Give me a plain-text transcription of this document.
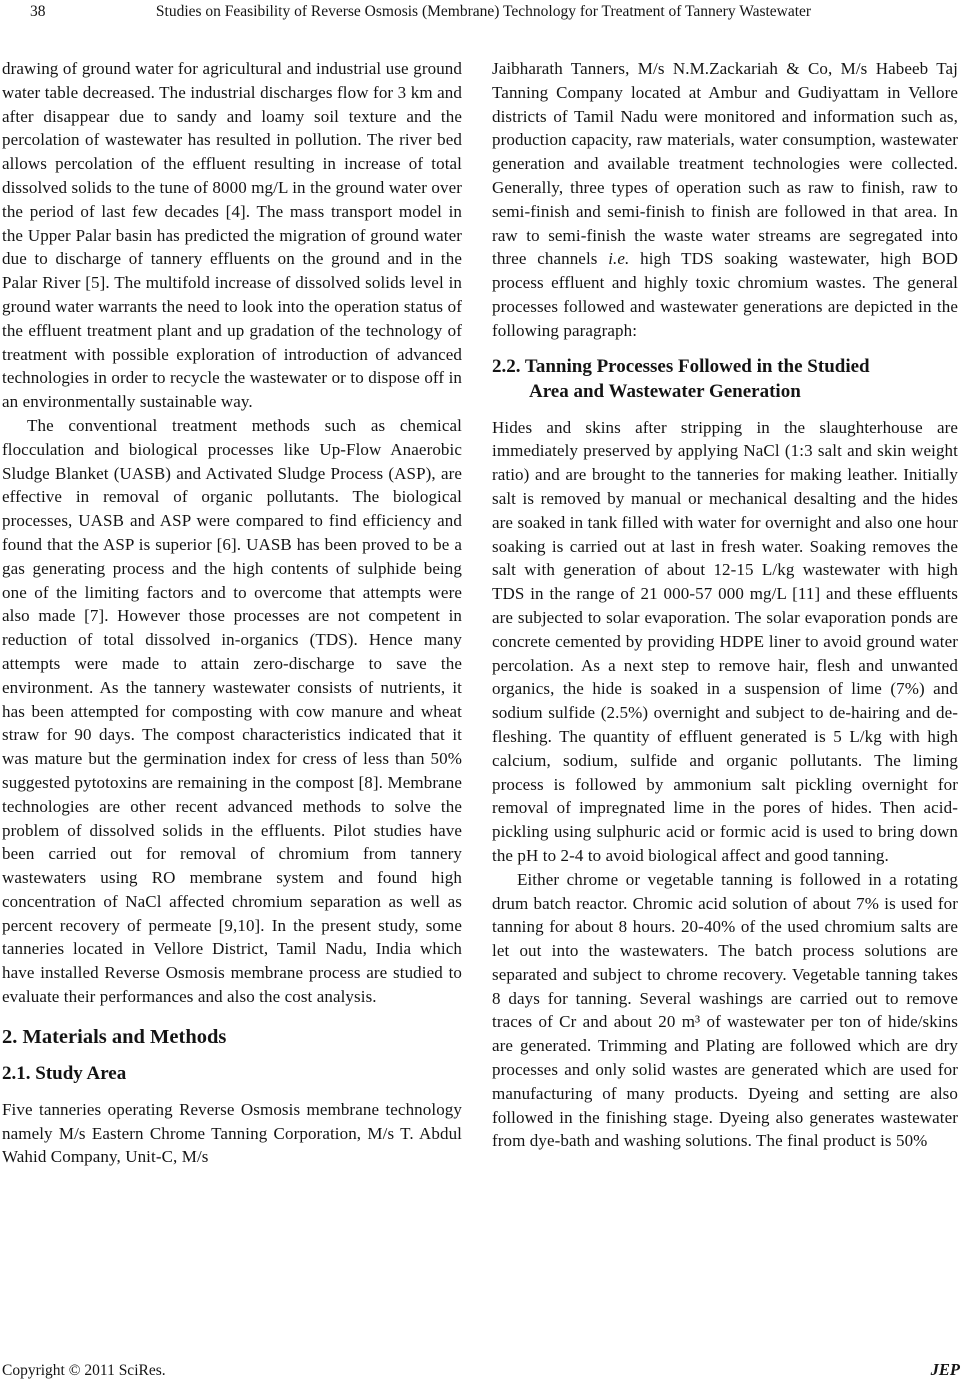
38	Studies on Feasibility of Reverse Osmosis (Membrane) Technology for Treatment of Tannery Wastewater

drawing of ground water for agricultural and industrial use ground water table decreased. The industrial discharges flow for 3 km and after disappear due to sandy and loamy soil texture and the percolation of wastewater has resulted in pollution. The river bed allows percolation of the effluent resulting in increase of total dissolved solids to the tune of 8000 mg/L in the ground water over the period of last few decades [4]. The mass transport model in the Upper Palar basin has predicted the migration of ground water due to discharge of tannery effluents on the ground and in the Palar River [5]. The multifold increase of dissolved solids level in ground water warrants the need to look into the operation status of the effluent treatment plant and up gradation of the technology of treatment with possible exploration of introduction of advanced technologies in order to recycle the wastewater or to dispose off in an environmentally sustainable way.

The conventional treatment methods such as chemical flocculation and biological processes like Up-Flow Anaerobic Sludge Blanket (UASB) and Activated Sludge Process (ASP), are effective in removal of organic pollutants. The biological processes, UASB and ASP were compared to find efficiency and found that the ASP is superior [6]. UASB has been proved to be a gas generating process and the high contents of sulphide being one of the limiting factors and to overcome that attempts were also made [7]. However those processes are not competent in reduction of total dissolved in-organics (TDS). Hence many attempts were made to attain zero-discharge to save the environment. As the tannery wastewater consists of nutrients, it has been attempted for composting with cow manure and wheat straw for 90 days. The compost characteristics indicated that it was mature but the germination index for cress of less than 50% suggested pytotoxins are remaining in the compost [8]. Membrane technologies are other recent advanced methods to solve the problem of dissolved solids in the effluents. Pilot studies have been carried out for removal of chromium from tannery wastewaters using RO membrane system and found high concentration of NaCl affected chromium separation as well as percent recovery of permeate [9,10]. In the present study, some tanneries located in Vellore District, Tamil Nadu, India which have installed Reverse Osmosis membrane process are studied to evaluate their performances and also the cost analysis.

2. Materials and Methods
2.1. Study Area

Five tanneries operating Reverse Osmosis membrane technology namely M/s Eastern Chrome Tanning Corporation, M/s T. Abdul Wahid Company, Unit-C, M/s

Jaibharath Tanners, M/s N.M.Zackariah & Co, M/s Habeeb Taj Tanning Company located at Ambur and Gudiyattam in Vellore districts of Tamil Nadu were monitored and information such as, production capacity, raw materials, water consumption, wastewater generation and available treatment technologies were collected. Generally, three types of operation such as raw to finish, raw to semi-finish and semi-finish to finish are followed in that area. In raw to semi-finish the waste water streams are segregated into three channels i.e. high TDS soaking wastewater, high BOD process effluent and highly toxic chromium wastes. The general processes followed and wastewater generations are depicted in the following paragraph:

2.2. Tanning Processes Followed in the Studied
Area and Wastewater Generation

Hides and skins after stripping in the slaughterhouse are immediately preserved by applying NaCl (1:3 salt and skin weight ratio) and are brought to the tanneries for making leather. Initially salt is removed by manual or mechanical desalting and the hides are soaked in tank filled with water for overnight and also one hour soaking is carried out at last in fresh water. Soaking removes the salt with generation of about 12-15 L/kg wastewater with high TDS in the range of 21 000-57 000 mg/L [11] and these effluents are subjected to solar evaporation. The solar evaporation ponds are concrete cemented by providing HDPE liner to avoid ground water percolation. As a next step to remove hair, flesh and unwanted organics, the hide is soaked in a suspension of lime (7%) and sodium sulfide (2.5%) overnight and subject to de-hairing and de-fleshing. The quantity of effluent generated is 5 L/kg with high calcium, sodium, sulfide and organic pollutants. The liming process is followed by ammonium salt pickling overnight for removal of impregnated lime in the pores of hides. Then acid-pickling using sulphuric acid or formic acid is used to bring down the pH to 2-4 to avoid biological affect and good tanning.

Either chrome or vegetable tanning is followed in a rotating drum batch reactor. Chromic acid solution of about 7% is used for tanning for about 8 hours. 20-40% of the used chromium salts are let out into the wastewaters. The batch process solutions are separated and subject to chrome recovery. Vegetable tanning takes 8 days for tanning. Several washings are carried out to remove traces of Cr and about 20 m³ of wastewater per ton of hide/skins are generated. Trimming and Plating are followed which are dry processes and only solid wastes are generated which are used for manufacturing of many products. Dyeing and setting are also followed in the finishing stage. Dyeing also generates wastewater from dye-bath and washing solutions. The final product is 50%

Copyright © 2011 SciRes.	JEP
